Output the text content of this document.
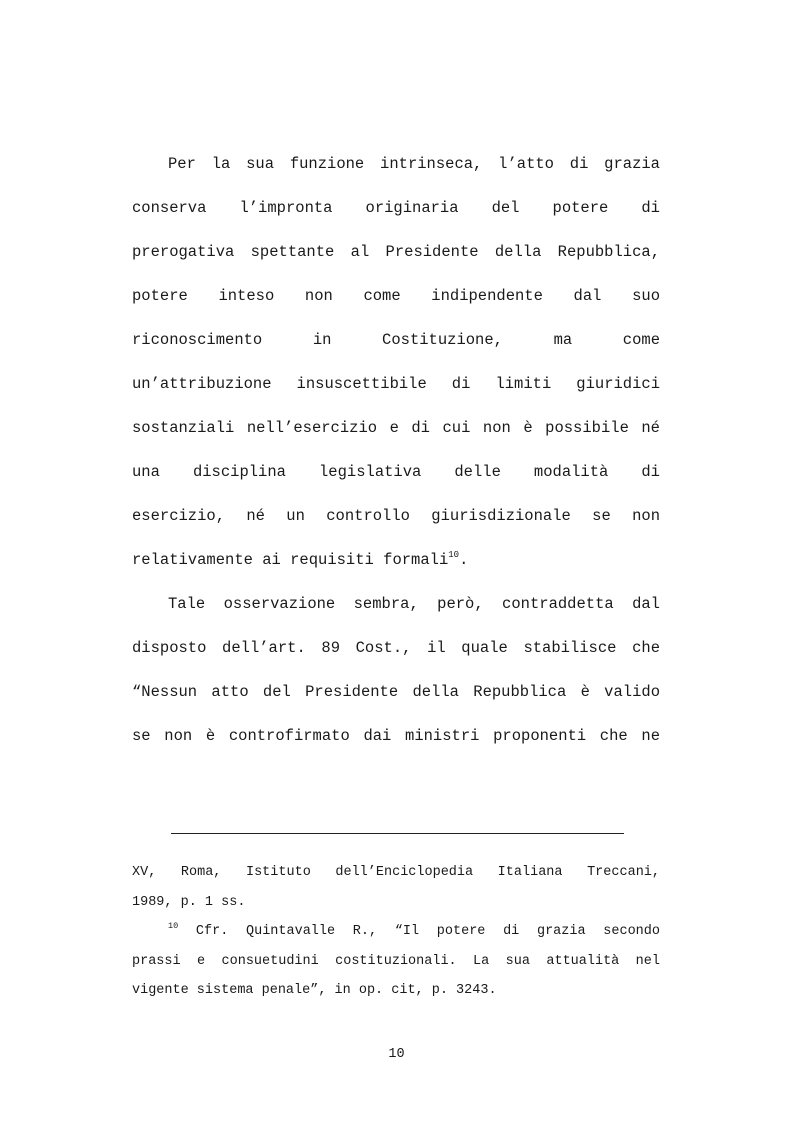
Per la sua funzione intrinseca, l’atto di grazia
conserva l’impronta originaria del potere di
prerogativa spettante al Presidente della Repubblica,
potere inteso non come indipendente dal suo
riconoscimento in Costituzione, ma come
un’attribuzione insuscettibile di limiti giuridici
sostanziali nell’esercizio e di cui non è possibile né
una disciplina legislativa delle modalità di
esercizio, né un controllo giurisdizionale se non
relativamente ai requisiti formali$^{10}$.
Tale osservazione sembra, però, contraddetta dal
disposto dell’art. 89 Cost., il quale stabilisce che
“Nessun atto del Presidente della Repubblica è valido
se non è controfirmato dai ministri proponenti che ne
XV, Roma, Istituto dell’Enciclopedia Italiana Treccani,
1989, p. 1 ss.
$^{10}$ Cfr. Quintavalle R., “Il potere di grazia secondo
prassi e consuetudini costituzionali. La sua attualità nel
vigente sistema penale”, in op. cit, p. 3243.
10
